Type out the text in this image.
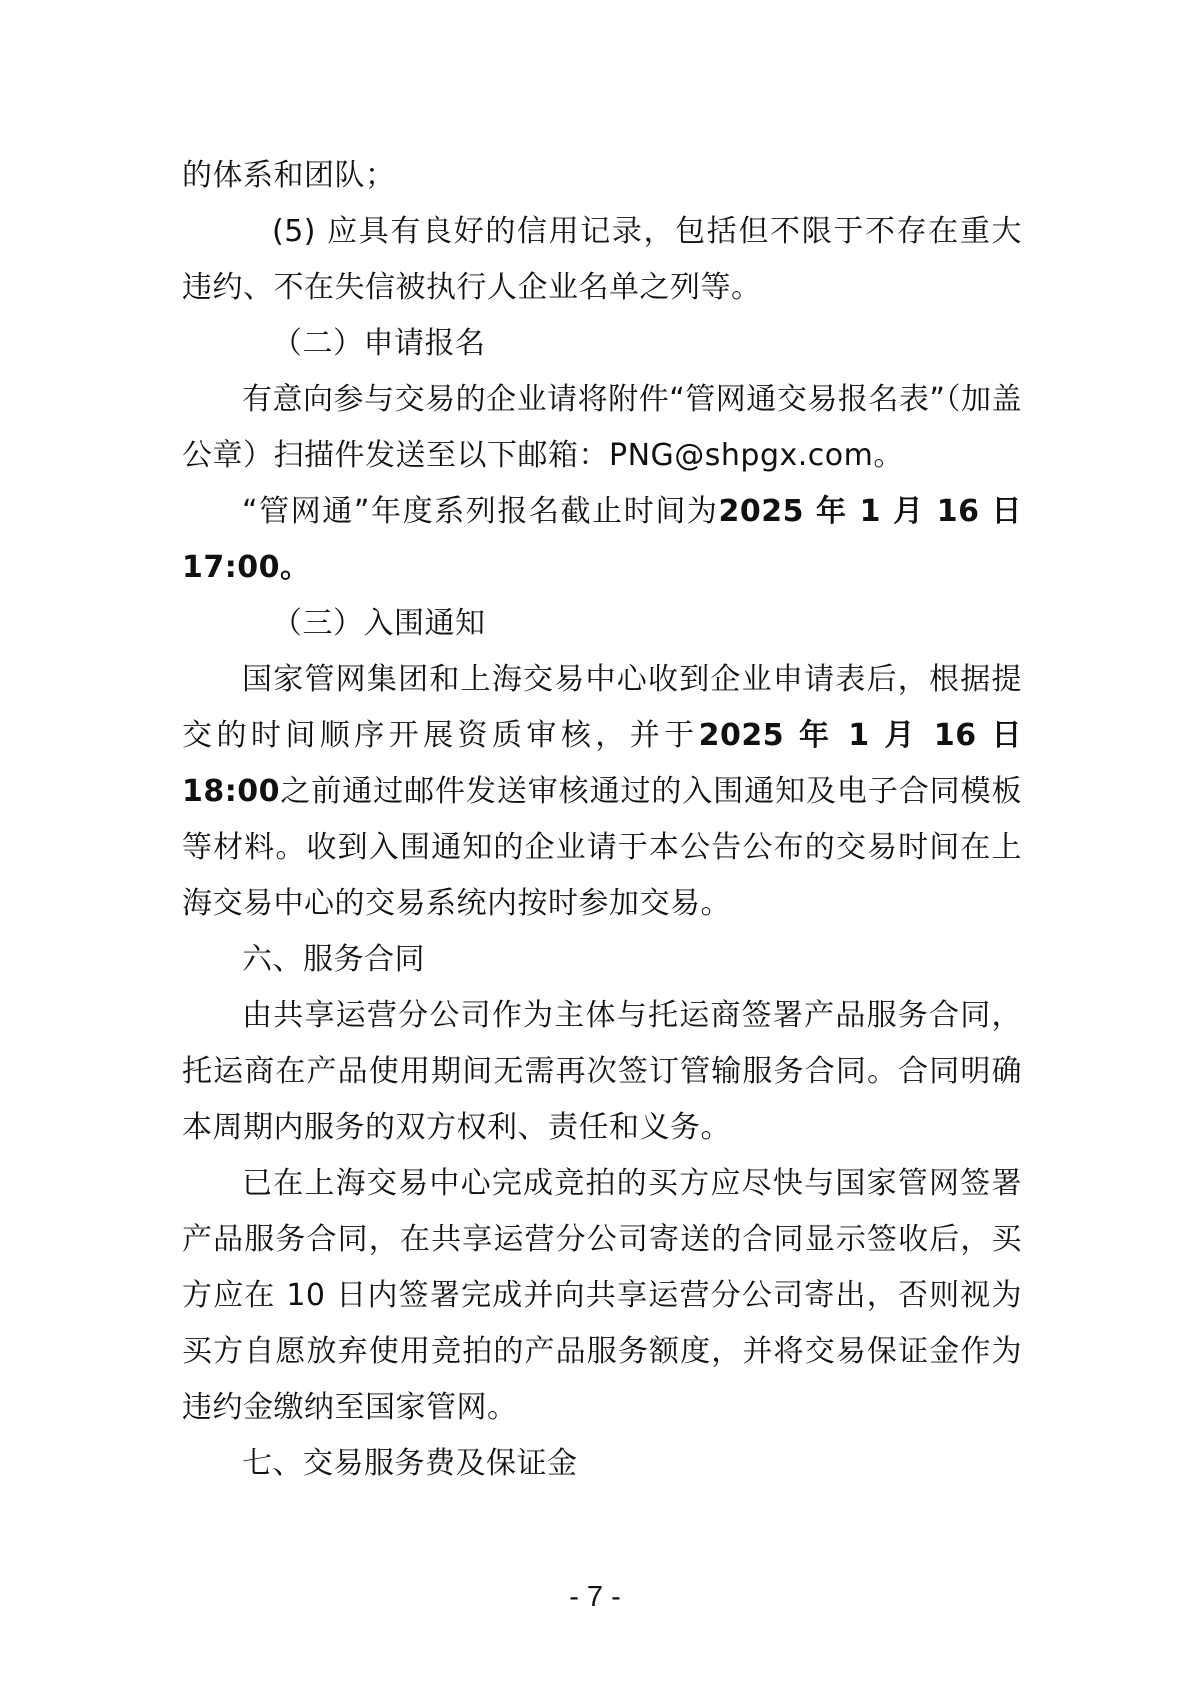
的体系和团队；

(5) 应具有良好的信用记录，包括但不限于不存在重大违约、不在失信被执行人企业名单之列等。

（二）申请报名

有意向参与交易的企业请将附件“管网通交易报名表”（加盖公章）扫描件发送至以下邮箱：PNG@shpgx.com。

“管网通”年度系列报名截止时间为2025 年 1 月 16 日 17:00。

（三）入围通知

国家管网集团和上海交易中心收到企业申请表后，根据提交的时间顺序开展资质审核，并于2025 年 1 月 16 日 18:00之前通过邮件发送审核通过的入围通知及电子合同模板等材料。收到入围通知的企业请于本公告公布的交易时间在上海交易中心的交易系统内按时参加交易。

六、服务合同

由共享运营分公司作为主体与托运商签署产品服务合同，托运商在产品使用期间无需再次签订管输服务合同。合同明确本周期内服务的双方权利、责任和义务。

已在上海交易中心完成竞拍的买方应尽快与国家管网签署产品服务合同，在共享运营分公司寄送的合同显示签收后，买方应在 10 日内签署完成并向共享运营分公司寄出，否则视为买方自愿放弃使用竞拍的产品服务额度，并将交易保证金作为违约金缴纳至国家管网。

七、交易服务费及保证金

- 7 -
